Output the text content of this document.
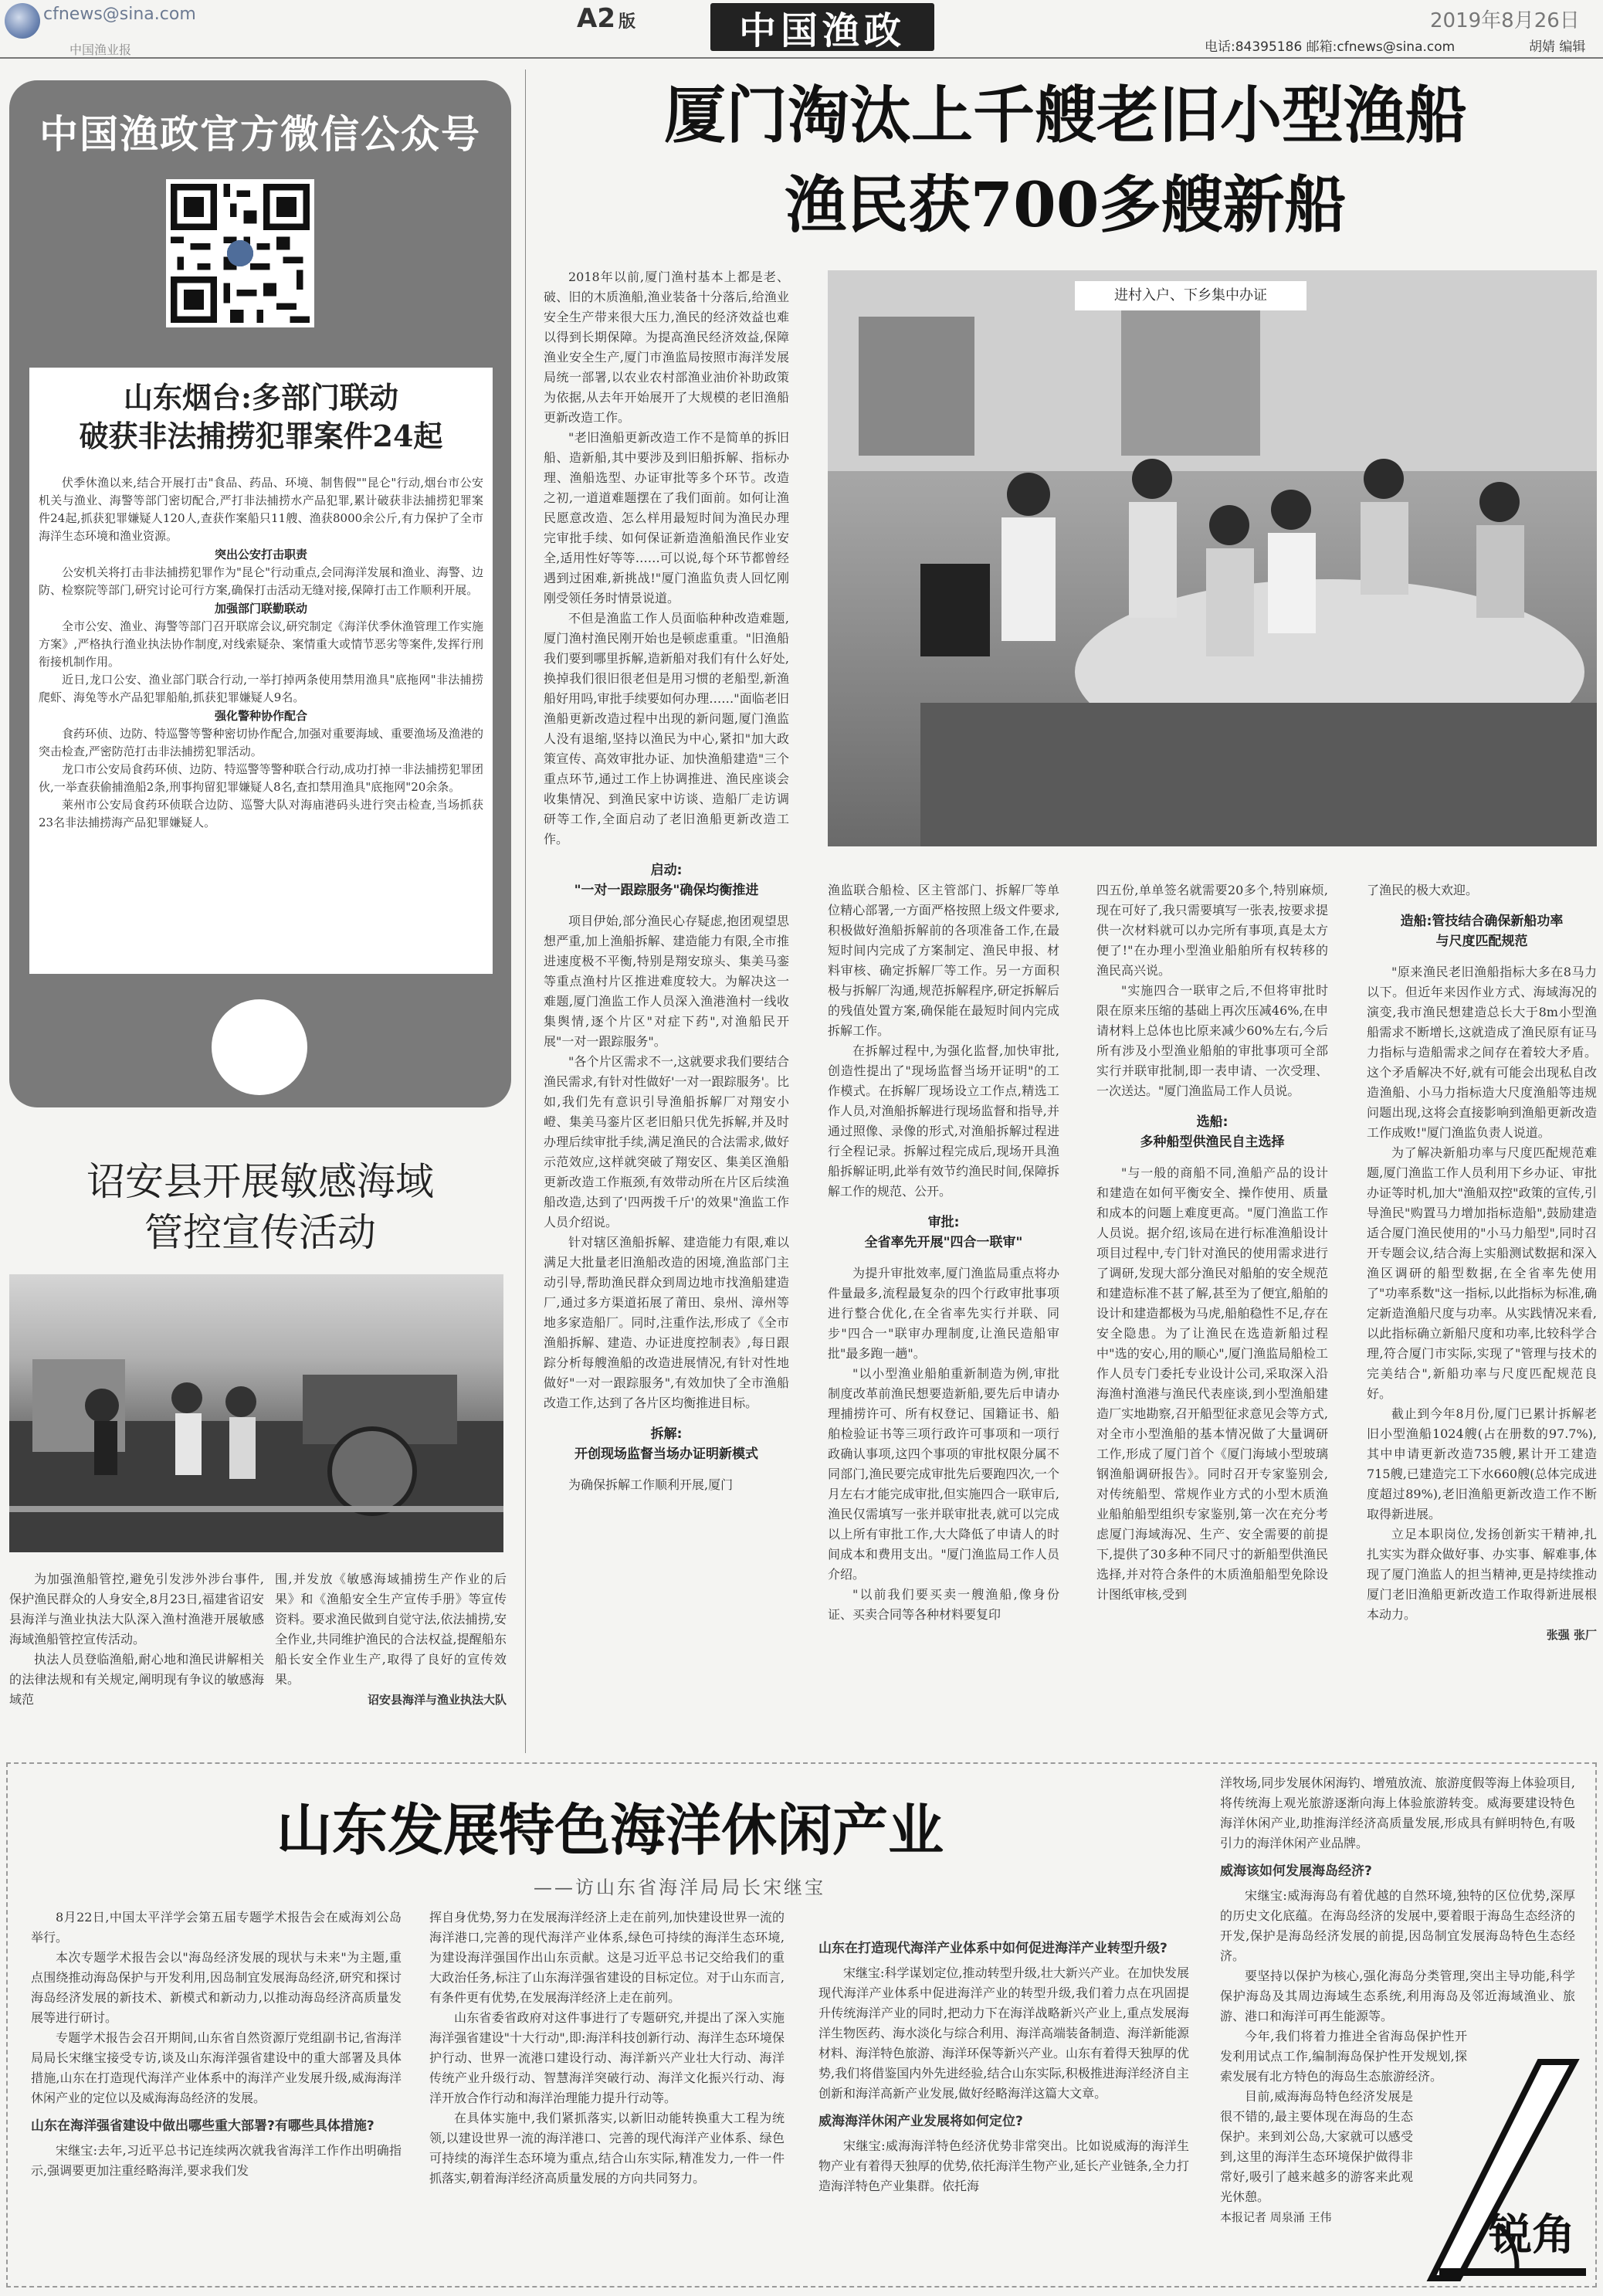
cfnews@sina.com
中国渔业报
A2 版	中国渔政	2019年8月26日
电话:84395186 邮箱:cfnews@sina.com	胡婧 编辑
中国渔政官方微信公众号
山东烟台:多部门联动
破获非法捕捞犯罪案件24起

伏季休渔以来,结合开展打击"食品、药品、环境、制售假""昆仑"行动,烟台市公安机关与渔业、海警等部门密切配合,严打非法捕捞水产品犯罪,累计破获非法捕捞犯罪案件24起,抓获犯罪嫌疑人120人,查获作案船只11艘、渔获8000余公斤,有力保护了全市海洋生态环境和渔业资源。

突出公安打击职责

公安机关将打击非法捕捞犯罪作为"昆仑"行动重点,会同海洋发展和渔业、海警、边防、检察院等部门,研究讨论可行方案,确保打击活动无缝对接,保障打击工作顺利开展。

加强部门联勤联动

全市公安、渔业、海警等部门召开联席会议,研究制定《海洋伏季休渔管理工作实施方案》,严格执行渔业执法协作制度,对线索疑杂、案情重大或情节恶劣等案件,发挥行刑衔接机制作用。

近日,龙口公安、渔业部门联合行动,一举打掉两条使用禁用渔具"底拖网"非法捕捞爬虾、海兔等水产品犯罪船舶,抓获犯罪嫌疑人9名。

强化警种协作配合

食药环侦、边防、特巡警等警种密切协作配合,加强对重要海域、重要渔场及渔港的突击检查,严密防范打击非法捕捞犯罪活动。

龙口市公安局食药环侦、边防、特巡警等警种联合行动,成功打掉一非法捕捞犯罪团伙,一举查获偷捕渔船2条,刑事拘留犯罪嫌疑人8名,查扣禁用渔具"底拖网"20余条。

莱州市公安局食药环侦联合边防、巡警大队对海庙港码头进行突击检查,当场抓获23名非法捕捞海产品犯罪嫌疑人。

诏安县开展敏感海域
管控宣传活动

为加强渔船管控,避免引发涉外涉台事件,保护渔民群众的人身安全,8月23日,福建省诏安县海洋与渔业执法大队深入渔村渔港开展敏感海域渔船管控宣传活动。

执法人员登临渔船,耐心地和渔民讲解相关的法律法规和有关规定,阐明现有争议的敏感海域范

围,并发放《敏感海域捕捞生产作业的后果》和《渔船安全生产宣传手册》等宣传资料。要求渔民做到自觉守法,依法捕捞,安全作业,共同维护渔民的合法权益,提醒船东船长安全作业生产,取得了良好的宣传效果。

诏安县海洋与渔业执法大队
厦门淘汰上千艘老旧小型渔船
渔民获700多艘新船

2018年以前,厦门渔村基本上都是老、破、旧的木质渔船,渔业装备十分落后,给渔业安全生产带来很大压力,渔民的经济效益也难以得到长期保障。为提高渔民经济效益,保障渔业安全生产,厦门市渔监局按照市海洋发展局统一部署,以农业农村部渔业油价补助政策为依据,从去年开始展开了大规模的老旧渔船更新改造工作。

"老旧渔船更新改造工作不是简单的拆旧船、造新船,其中要涉及到旧船拆解、指标办理、渔船选型、办证审批等多个环节。改造之初,一道道难题摆在了我们面前。如何让渔民愿意改造、怎么样用最短时间为渔民办理完审批手续、如何保证新造渔船渔民作业安全,适用性好等等……可以说,每个环节都曾经遇到过困难,新挑战!"厦门渔监负责人回忆刚刚受领任务时情景说道。

不但是渔监工作人员面临种种改造难题,厦门渔村渔民刚开始也是顿虑重重。"旧渔船我们要到哪里拆解,造新船对我们有什么好处,换掉我们很旧很老但是用习惯的老船型,新渔船好用吗,审批手续要如何办理……"面临老旧渔船更新改造过程中出现的新问题,厦门渔监人没有退缩,坚持以渔民为中心,紧扣"加大政策宣传、高效审批办证、加快渔船建造"三个重点环节,通过工作上协调推进、渔民座谈会收集情况、到渔民家中访谈、造船厂走访调研等工作,全面启动了老旧渔船更新改造工作。

启动:
"一对一跟踪服务"确保均衡推进

项目伊始,部分渔民心存疑虑,抱团观望思想严重,加上渔船拆解、建造能力有限,全市推进速度极不平衡,特别是翔安琼头、集美马銮等重点渔村片区推进难度较大。为解决这一难题,厦门渔监工作人员深入渔港渔村一线收集舆情,逐个片区"对症下药",对渔船民开展"一对一跟踪服务"。

"各个片区需求不一,这就要求我们要结合渔民需求,有针对性做好'一对一跟踪服务'。比如,我们先有意识引导渔船拆解厂对翔安小嶝、集美马銮片区老旧船只优先拆解,并及时办理后续审批手续,满足渔民的合法需求,做好示范效应,这样就突破了翔安区、集美区渔船更新改造工作瓶颈,有效带动所在片区后续渔船改造,达到了'四两拨千斤'的效果"渔监工作人员介绍说。

针对辖区渔船拆解、建造能力有限,难以满足大批量老旧渔船改造的困境,渔监部门主动引导,帮助渔民群众到周边地市找渔船建造厂,通过多方渠道拓展了莆田、泉州、漳州等地多家造船厂。同时,注重作法,形成了《全市渔船拆解、建造、办证进度控制表》,每日跟踪分析每艘渔船的改造进展情况,有针对性地做好"一对一跟踪服务",有效加快了全市渔船改造工作,达到了各片区均衡推进目标。

拆解:
开创现场监督当场办证明新模式

为确保拆解工作顺利开展,厦门

进村入户、下乡集中办证

渔监联合船检、区主管部门、拆解厂等单位精心部署,一方面严格按照上级文件要求,积极做好渔船拆解前的各项准备工作,在最短时间内完成了方案制定、渔民申报、材料审核、确定拆解厂等工作。另一方面积极与拆解厂沟通,规范拆解程序,研定拆解后的残值处置方案,确保能在最短时间内完成拆解工作。

在拆解过程中,为强化监督,加快审批,创造性提出了"现场监督当场开证明"的工作模式。在拆解厂现场设立工作点,精选工作人员,对渔船拆解进行现场监督和指导,并通过照像、录像的形式,对渔船拆解过程进行全程记录。拆解过程完成后,现场开具渔船拆解证明,此举有效节约渔民时间,保障拆解工作的规范、公开。

审批:
全省率先开展"四合一联审"

为提升审批效率,厦门渔监局重点将办件量最多,流程最复杂的四个行政审批事项进行整合优化,在全省率先实行并联、同步"四合一"联审办理制度,让渔民造船审批"最多跑一趟"。

"以小型渔业船舶重新制造为例,审批制度改革前渔民想要造新船,要先后申请办理捕捞许可、所有权登记、国籍证书、船舶检验证书等三项行政许可事项和一项行政确认事项,这四个事项的审批权限分属不同部门,渔民要完成审批先后要跑四次,一个月左右才能完成审批,但实施四合一联审后,渔民仅需填写一张并联审批表,就可以完成以上所有审批工作,大大降低了申请人的时间成本和费用支出。"厦门渔监局工作人员介绍。

"以前我们要买卖一艘渔船,像身份证、买卖合同等各种材料要复印

四五份,单单签名就需要20多个,特别麻烦,现在可好了,我只需要填写一张表,按要求提供一次材料就可以办完所有事项,真是太方便了!"在办理小型渔业船舶所有权转移的渔民高兴说。

"实施四合一联审之后,不但将审批时限在原来压缩的基础上再次压减46%,在申请材料上总体也比原来减少60%左右,今后所有涉及小型渔业船舶的审批事项可全部实行并联审批制,即一表申请、一次受理、一次送达。"厦门渔监局工作人员说。

选船:
多种船型供渔民自主选择

"与一般的商船不同,渔船产品的设计和建造在如何平衡安全、操作使用、质量和成本的问题上难度更高。"厦门渔监工作人员说。据介绍,该局在进行标准渔船设计项目过程中,专门针对渔民的使用需求进行了调研,发现大部分渔民对船舶的安全规范和建造标准不甚了解,甚至为了便宜,船舶的设计和建造都极为马虎,船舶稳性不足,存在安全隐患。为了让渔民在选造新船过程中"选的安心,用的顺心",厦门渔监局船检工作人员专门委托专业设计公司,采取深入沿海渔村渔港与渔民代表座谈,到小型渔船建造厂实地勘察,召开船型征求意见会等方式,对全市小型渔船的基本情况做了大量调研工作,形成了厦门首个《厦门海域小型玻璃钢渔船调研报告》。同时召开专家鉴别会,对传统船型、常规作业方式的小型木质渔业船舶船型组织专家鉴别,第一次在充分考虑厦门海域海况、生产、安全需要的前提下,提供了30多种不同尺寸的新船型供渔民选择,并对符合条件的木质渔船船型免除设计图纸审核,受到

了渔民的极大欢迎。

造船:管技结合确保新船功率
与尺度匹配规范

"原来渔民老旧渔船指标大多在8马力以下。但近年来因作业方式、海域海况的演变,我市渔民想建造总长大于8m小型渔船需求不断增长,这就造成了渔民原有证马力指标与造船需求之间存在着较大矛盾。这个矛盾解决不好,就有可能会出现私自改造渔船、小马力指标造大尺度渔船等违规问题出现,这将会直接影响到渔船更新改造工作成败!"厦门渔监负责人说道。

为了解决新船功率与尺度匹配规范难题,厦门渔监工作人员利用下乡办证、审批办证等时机,加大"渔船双控"政策的宣传,引导渔民"购置马力增加指标造船",鼓励建造适合厦门渔民使用的"小马力船型",同时召开专题会议,结合海上实船测试数据和深入渔区调研的船型数据,在全省率先使用了"功率系数"这一指标,以此指标为标准,确定新造渔船尺度与功率。从实践情况来看,以此指标确立新船尺度和功率,比较科学合理,符合厦门市实际,实现了"管理与技术的完美结合",新船功率与尺度匹配规范良好。

截止到今年8月份,厦门已累计拆解老旧小型渔船1024艘(占在册数的97.7%),其中申请更新改造735艘,累计开工建造715艘,已建造完工下水660艘(总体完成进度超过89%),老旧渔船更新改造工作不断取得新进展。

立足本职岗位,发扬创新实干精神,扎扎实实为群众做好事、办实事、解难事,体现了厦门渔监人的担当精神,更是持续推动厦门老旧渔船更新改造工作取得新进展根本动力。

张强 张厂
山东发展特色海洋休闲产业
——访山东省海洋局局长宋继宝

8月22日,中国太平洋学会第五届专题学术报告会在威海刘公岛举行。

本次专题学术报告会以"海岛经济发展的现状与未来"为主题,重点围绕推动海岛保护与开发利用,因岛制宜发展海岛经济,研究和探讨海岛经济发展的新技术、新模式和新动力,以推动海岛经济高质量发展等进行研讨。

专题学术报告会召开期间,山东省自然资源厅党组副书记,省海洋局局长宋继宝接受专访,谈及山东海洋强省建设中的重大部署及具体措施,山东在打造现代海洋产业体系中的海洋产业发展升级,威海海洋休闲产业的定位以及威海海岛经济的发展。

山东在海洋强省建设中做出哪些重大部署?有哪些具体措施?

宋继宝:去年,习近平总书记连续两次就我省海洋工作作出明确指示,强调要更加注重经略海洋,要求我们发

挥自身优势,努力在发展海洋经济上走在前列,加快建设世界一流的海洋港口,完善的现代海洋产业体系,绿色可持续的海洋生态环境,为建设海洋强国作出山东贡献。这是习近平总书记交给我们的重大政治任务,标注了山东海洋强省建设的目标定位。对于山东而言,有条件更有优势,在发展海洋经济上走在前列。

山东省委省政府对这件事进行了专题研究,并提出了深入实施海洋强省建设"十大行动",即:海洋科技创新行动、海洋生态环境保护行动、世界一流港口建设行动、海洋新兴产业壮大行动、海洋传统产业升级行动、智慧海洋突破行动、海洋文化振兴行动、海洋开放合作行动和海洋治理能力提升行动等。

在具体实施中,我们紧抓落实,以新旧动能转换重大工程为统领,以建设世界一流的海洋港口、完善的现代海洋产业体系、绿色可持续的海洋生态环境为重点,结合山东实际,精准发力,一件一件抓落实,朝着海洋经济高质量发展的方向共同努力。

山东在打造现代海洋产业体系中如何促进海洋产业转型升级?

宋继宝:科学谋划定位,推动转型升级,壮大新兴产业。在加快发展现代海洋产业体系中促进海洋产业的转型升级,我们着力点在巩固提升传统海洋产业的同时,把动力下在海洋战略新兴产业上,重点发展海洋生物医药、海水淡化与综合利用、海洋高端装备制造、海洋新能源材料、海洋特色旅游、海洋环保等新兴产业。山东有着得天独厚的优势,我们将借鉴国内外先进经验,结合山东实际,积极推进海洋经济自主创新和海洋高新产业发展,做好经略海洋这篇大文章。

威海海洋休闲产业发展将如何定位?

宋继宝:威海海洋特色经济优势非常突出。比如说威海的海洋生物产业有着得天独厚的优势,依托海洋生物产业,延长产业链条,全力打造海洋特色产业集群。依托海

洋牧场,同步发展休闲海钓、增殖放流、旅游度假等海上体验项目,将传统海上观光旅游逐渐向海上体验旅游转变。威海要建设特色海洋休闲产业,助推海洋经济高质量发展,形成具有鲜明特色,有吸引力的海洋休闲产业品牌。

威海该如何发展海岛经济?

宋继宝:威海海岛有着优越的自然环境,独特的区位优势,深厚的历史文化底蕴。在海岛经济的发展中,要着眼于海岛生态经济的开发,保护是海岛经济发展的前提,因岛制宜发展海岛特色生态经济。

要坚持以保护为核心,强化海岛分类管理,突出主导功能,科学保护海岛及其周边海域生态系统,利用海岛及邻近海域渔业、旅游、港口和海洋可再生能源等。

今年,我们将着力推进全省海岛保护性开发利用试点工作,编制海岛保护性开发规划,探索发展有北方特色的海岛生态旅游经济。

目前,威海海岛特色经济发展是很不错的,最主要体现在海岛的生态保护。来到刘公岛,大家就可以感受到,这里的海洋生态环境保护做得非常好,吸引了越来越多的游客来此观光休憩。

本报记者 周泉涌 王伟	锐角
